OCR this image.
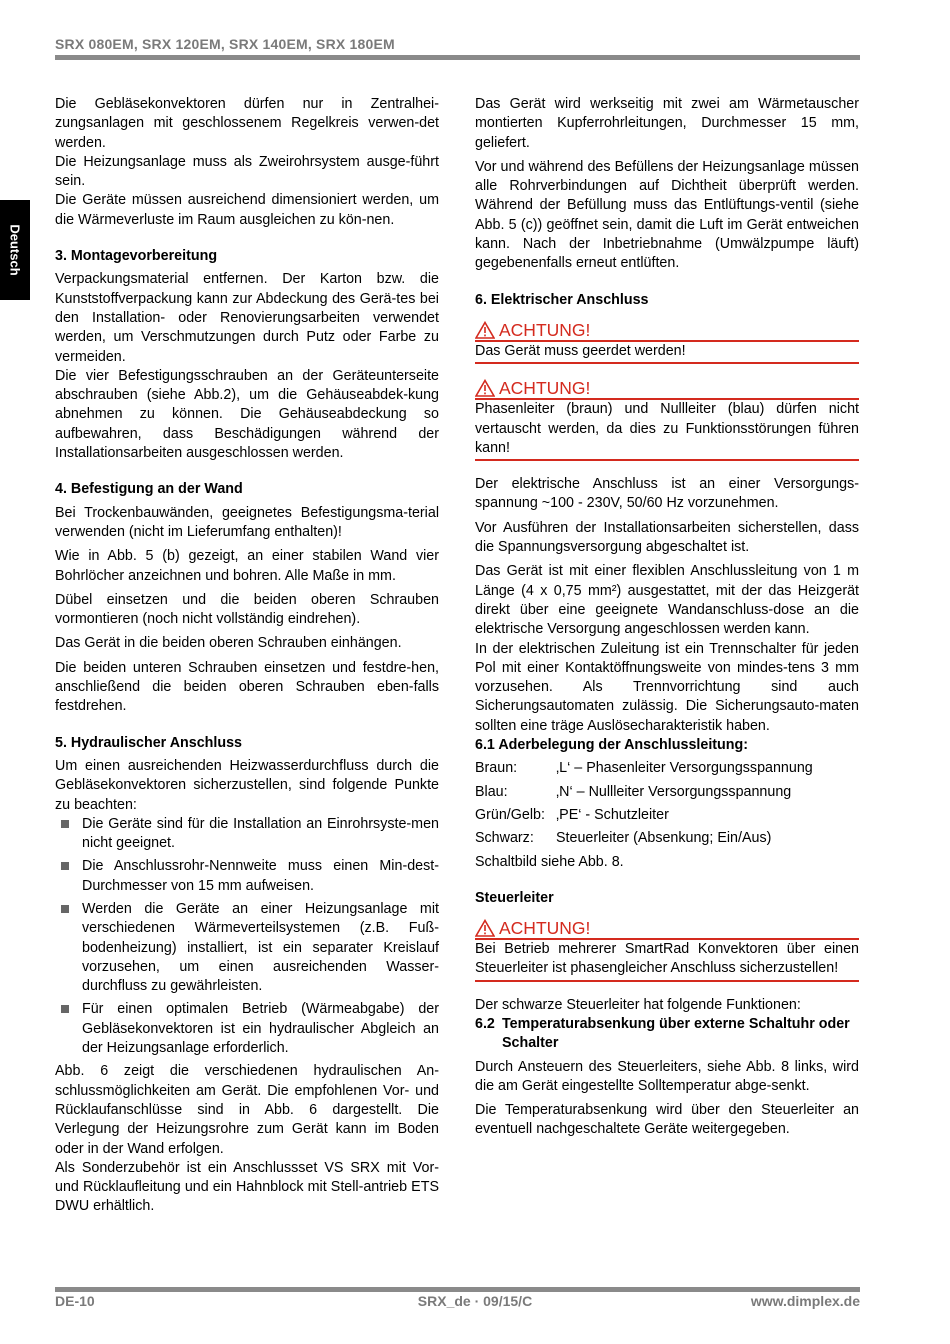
SRX 080EM, SRX 120EM, SRX 140EM, SRX 180EM
Deutsch

Die Gebläsekonvektoren dürfen nur in Zentralhei-zungsanlagen mit geschlossenem Regelkreis verwen-det werden.

Die Heizungsanlage muss als Zweirohrsystem ausge-führt sein.

Die Geräte müssen ausreichend dimensioniert werden, um die Wärmeverluste im Raum ausgleichen zu kön-nen.

3. Montagevorbereitung

Verpackungsmaterial entfernen. Der Karton bzw. die Kunststoffverpackung kann zur Abdeckung des Gerä-tes bei den Installation- oder Renovierungsarbeiten verwendet werden, um Verschmutzungen durch Putz oder Farbe zu vermeiden.

Die vier Befestigungsschrauben an der Geräteunterseite abschrauben (siehe Abb.2), um die Gehäuseabdek-kung abnehmen zu können. Die Gehäuseabdeckung so aufbewahren, dass Beschädigungen während der Installationsarbeiten ausgeschlossen werden.

4. Befestigung an der Wand

Bei Trockenbauwänden, geeignetes Befestigungsma-terial verwenden (nicht im Lieferumfang enthalten)!

Wie in Abb. 5 (b) gezeigt, an einer stabilen Wand vier Bohrlöcher anzeichnen und bohren. Alle Maße in mm.

Dübel einsetzen und die beiden oberen Schrauben vormontieren (noch nicht vollständig eindrehen).

Das Gerät in die beiden oberen Schrauben einhängen.

Die beiden unteren Schrauben einsetzen und festdre-hen, anschließend die beiden oberen Schrauben eben-falls festdrehen.

5. Hydraulischer Anschluss

Um einen ausreichenden Heizwasserdurchfluss durch die Gebläsekonvektoren sicherzustellen, sind folgende Punkte zu beachten:

Die Geräte sind für die Installation an Einrohrsyste-men nicht geeignet.
Die Anschlussrohr-Nennweite muss einen Min-dest-Durchmesser von 15 mm aufweisen.
Werden die Geräte an einer Heizungsanlage mit verschiedenen Wärmeverteilsystemen (z.B. Fuß-bodenheizung) installiert, ist ein separater Kreislauf vorzusehen, um einen ausreichenden Wasser-durchfluss zu gewährleisten.
Für einen optimalen Betrieb (Wärmeabgabe) der Gebläsekonvektoren ist ein hydraulischer Abgleich an der Heizungsanlage erforderlich.

Abb. 6 zeigt die verschiedenen hydraulischen An-schlussmöglichkeiten am Gerät. Die empfohlenen Vor- und Rücklaufanschlüsse sind in Abb. 6 dargestellt. Die Verlegung der Heizungsrohre zum Gerät kann im Boden oder in der Wand erfolgen.

Als Sonderzubehör ist ein Anschlussset VS SRX mit Vor- und Rücklaufleitung und ein Hahnblock mit Stell-antrieb ETS DWU erhältlich.

Das Gerät wird werkseitig mit zwei am Wärmetauscher montierten Kupferrohrleitungen, Durchmesser 15 mm, geliefert.

Vor und während des Befüllens der Heizungsanlage müssen alle Rohrverbindungen auf Dichtheit überprüft werden. Während der Befüllung muss das Entlüftungs-ventil (siehe Abb. 5 (c)) geöffnet sein, damit die Luft im Gerät entweichen kann. Nach der Inbetriebnahme (Umwälzpumpe läuft) gegebenenfalls erneut entlüften.

6. Elektrischer Anschluss
ACHTUNG!
Das Gerät muss geerdet werden!
ACHTUNG!
Phasenleiter (braun) und Nullleiter (blau) dürfen nicht vertauscht werden, da dies zu Funktionsstörungen führen kann!

Der elektrische Anschluss ist an einer Versorgungs-spannung ~100 - 230V, 50/60 Hz vorzunehmen.

Vor Ausführen der Installationsarbeiten sicherstellen, dass die Spannungsversorgung abgeschaltet ist.

Das Gerät ist mit einer flexiblen Anschlussleitung von 1 m Länge (4 x 0,75 mm²) ausgestattet, mit der das Heizgerät direkt über eine geeignete Wandanschluss-dose an die elektrische Versorgung angeschlossen werden kann.

In der elektrischen Zuleitung ist ein Trennschalter für jeden Pol mit einer Kontaktöffnungsweite von mindes-tens 3 mm vorzusehen. Als Trennvorrichtung sind auch Sicherungsautomaten zulässig. Die Sicherungsauto-maten sollten eine träge Auslösecharakteristik haben.

6.1 Aderbelegung der Anschlussleitung:
Braun:	‚L‘ – Phasenleiter Versorgungsspannung
Blau:	‚N‘ – Nullleiter Versorgungsspannung
Grün/Gelb: ‚PE‘ - Schutzleiter
Schwarz:	Steuerleiter (Absenkung; Ein/Aus)

Schaltbild siehe Abb. 8.

Steuerleiter
ACHTUNG!
Bei Betrieb mehrerer SmartRad Konvektoren über einen Steuerleiter ist phasengleicher Anschluss sicherzustellen!

Der schwarze Steuerleiter hat folgende Funktionen:

6.2 Temperaturabsenkung über externe Schaltuhr oder Schalter

Durch Ansteuern des Steuerleiters, siehe Abb. 8 links, wird die am Gerät eingestellte Solltemperatur abge-senkt.

Die Temperaturabsenkung wird über den Steuerleiter an eventuell nachgeschaltete Geräte weitergegeben.

DE-10	SRX_de · 09/15/C	www.dimplex.de
